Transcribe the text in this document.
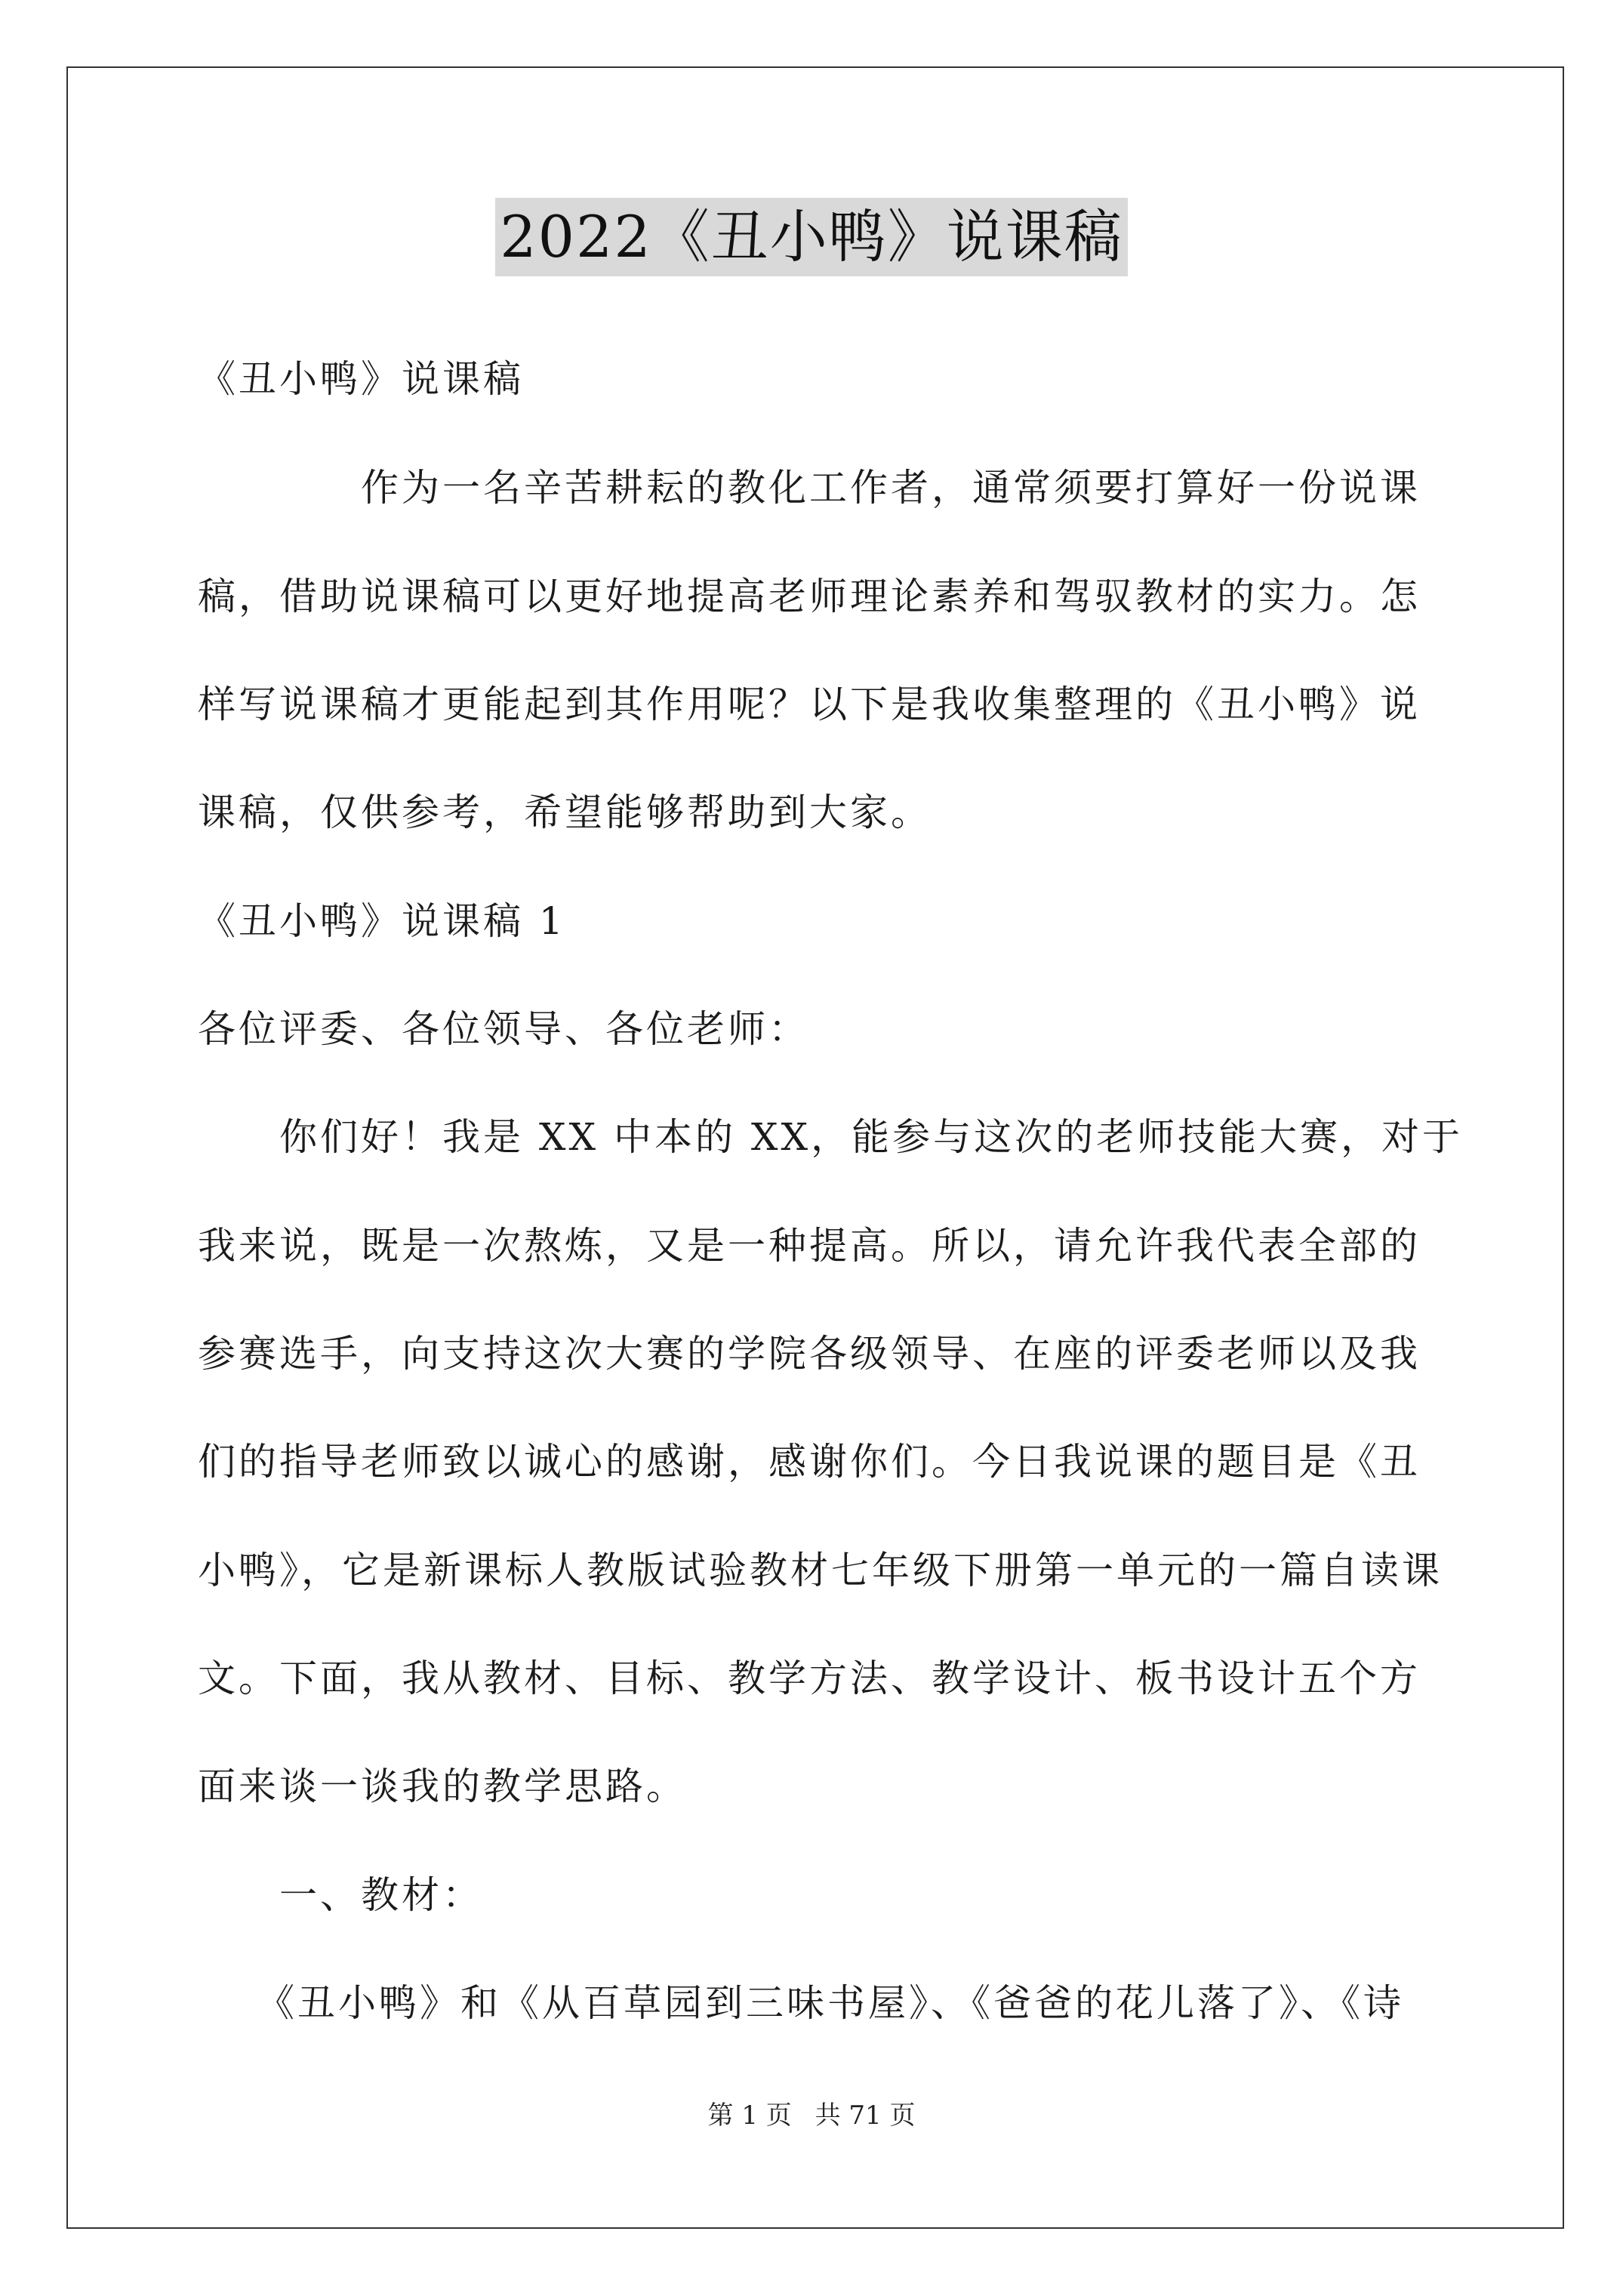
2022《丑小鸭》说课稿
《丑小鸭》说课稿
作为一名辛苦耕耘的教化工作者，通常须要打算好一份说课
稿，借助说课稿可以更好地提高老师理论素养和驾驭教材的实力。怎
样写说课稿才更能起到其作用呢？以下是我收集整理的《丑小鸭》说
课稿，仅供参考，希望能够帮助到大家。
《丑小鸭》说课稿 1
各位评委、各位领导、各位老师：
你们好！我是 XX 中本的 XX，能参与这次的老师技能大赛，对于
我来说，既是一次熬炼，又是一种提高。所以，请允许我代表全部的
参赛选手，向支持这次大赛的学院各级领导、在座的评委老师以及我
们的指导老师致以诚心的感谢，感谢你们。今日我说课的题目是《丑
小鸭》，它是新课标人教版试验教材七年级下册第一单元的一篇自读课
文。下面，我从教材、目标、教学方法、教学设计、板书设计五个方
面来谈一谈我的教学思路。
一、教材：
《丑小鸭》和《从百草园到三味书屋》、《爸爸的花儿落了》、《诗
第 1 页 共 71 页
